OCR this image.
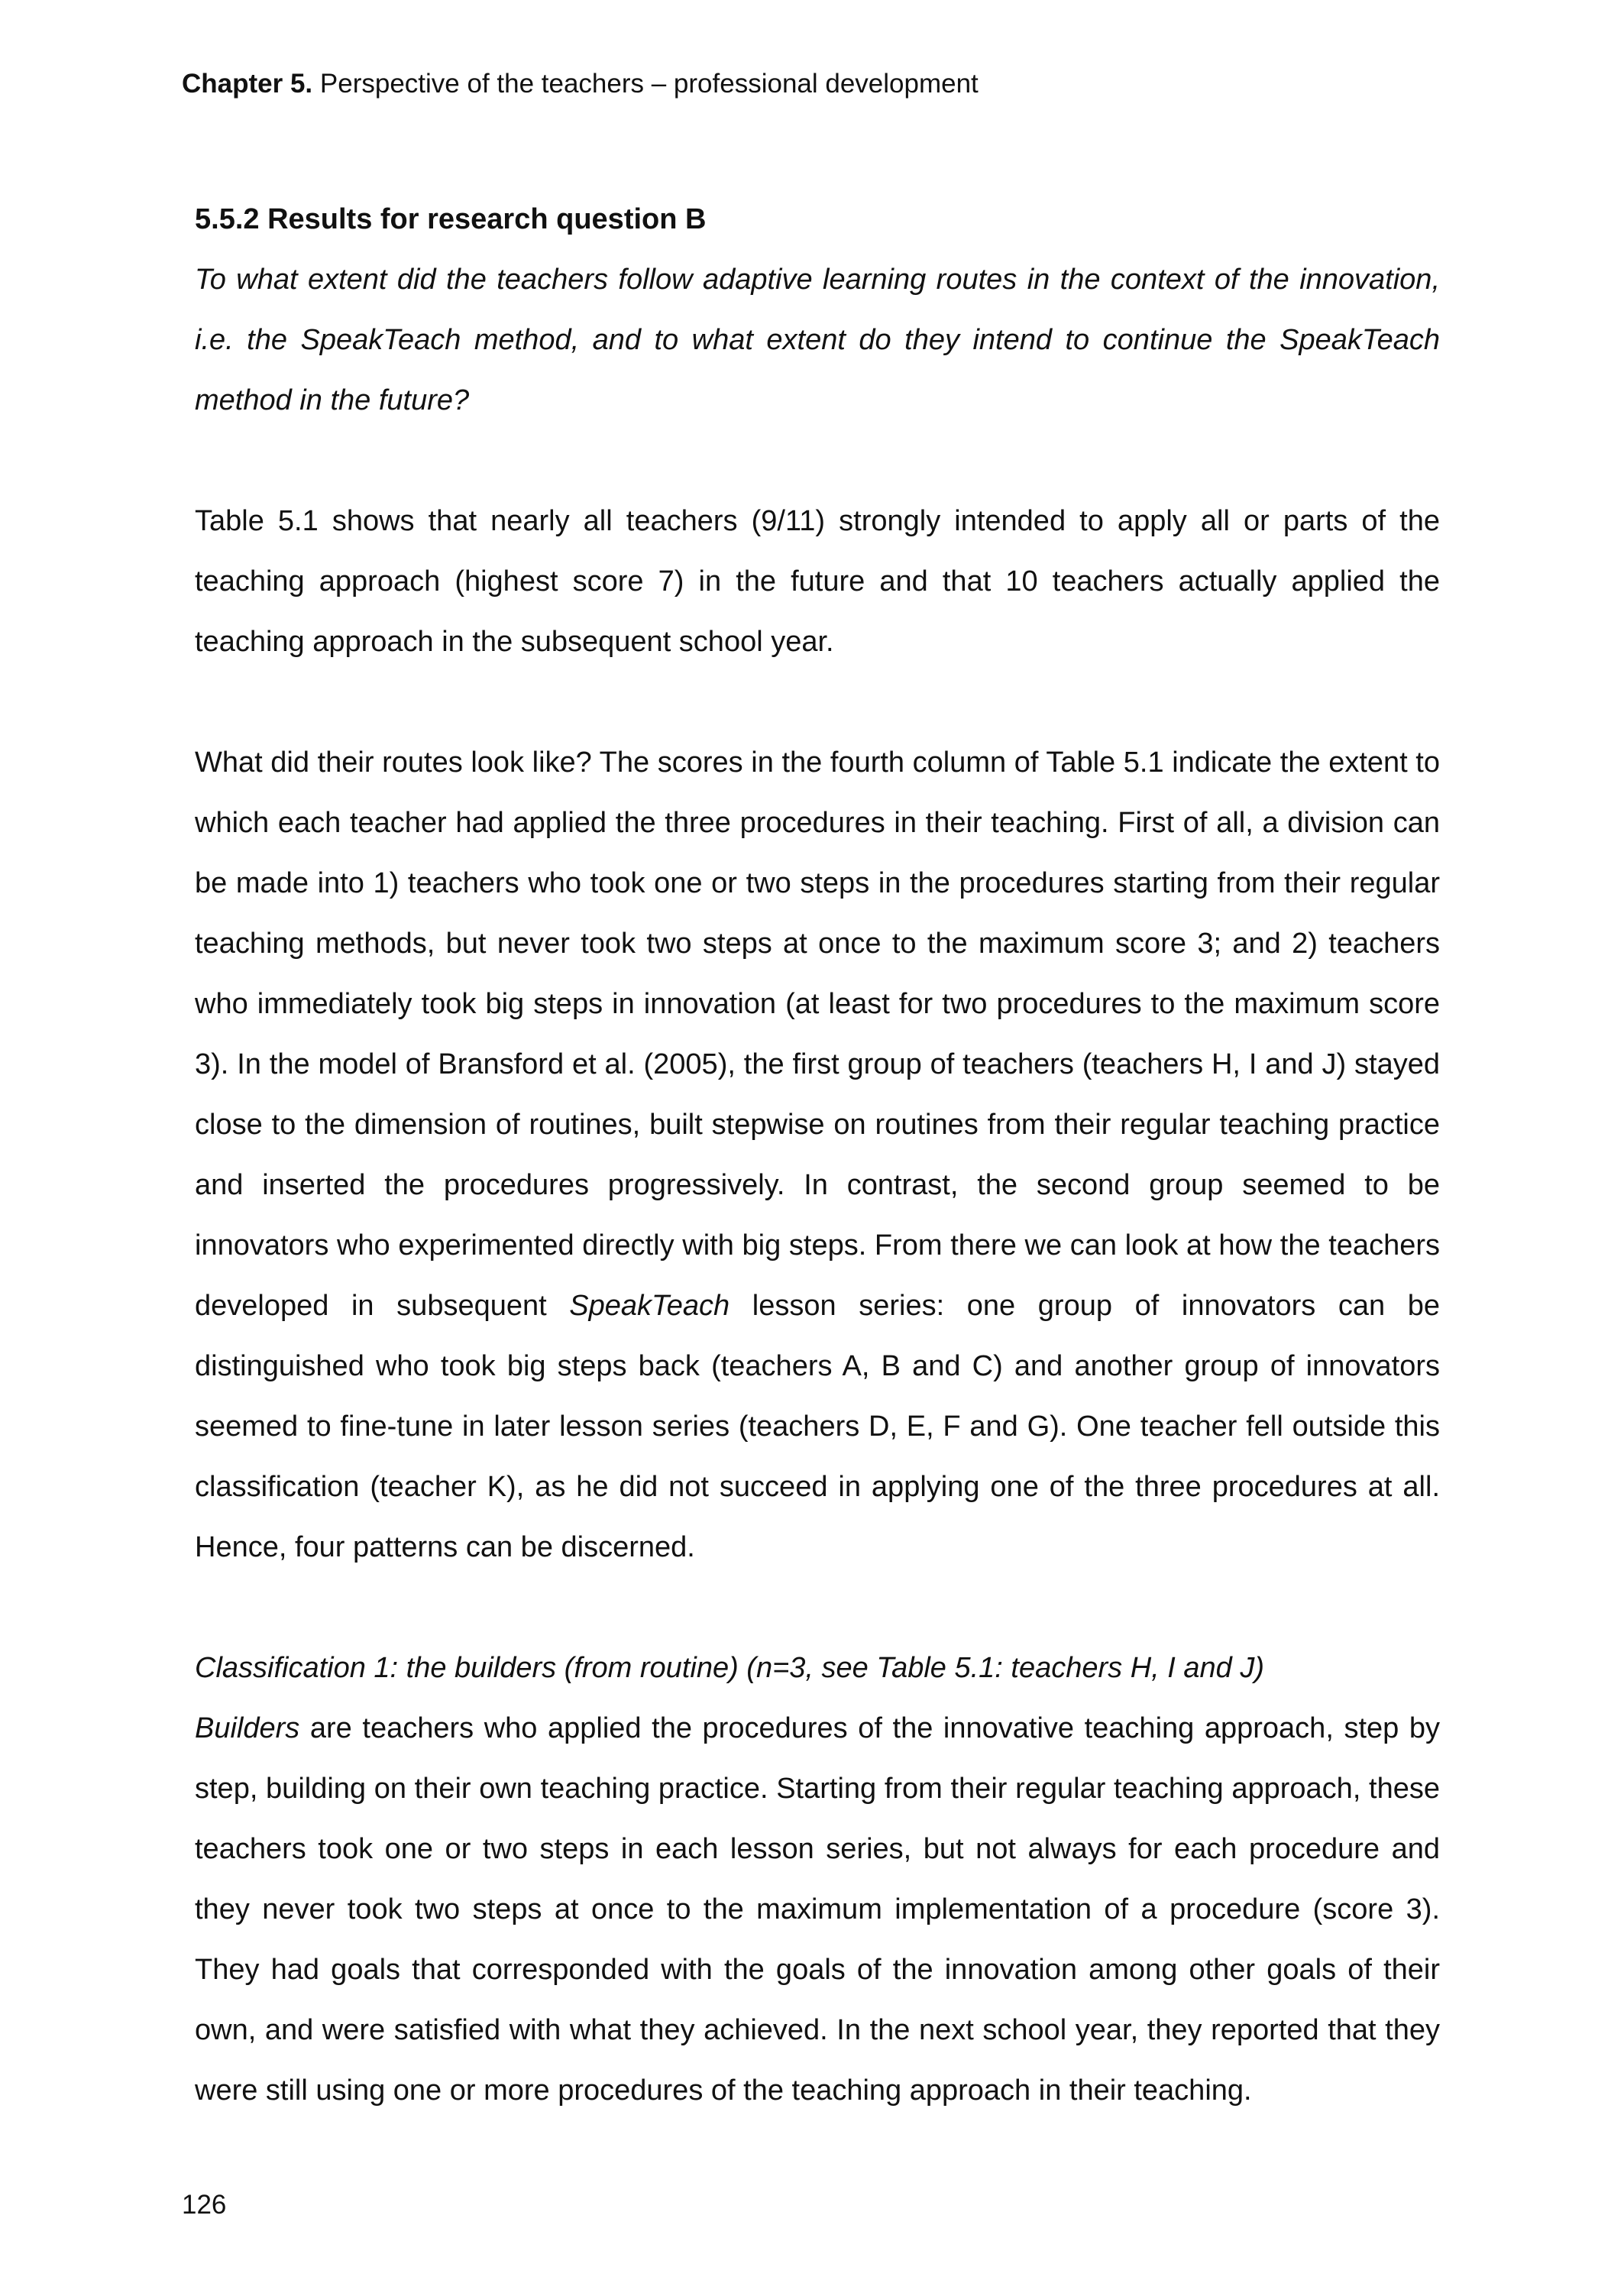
Chapter 5. Perspective of the teachers – professional development

5.5.2 Results for research question B

To what extent did the teachers follow adaptive learning routes in the context of the innovation, i.e. the SpeakTeach method, and to what extent do they intend to continue the SpeakTeach method in the future?

Table 5.1 shows that nearly all teachers (9/11) strongly intended to apply all or parts of the teaching approach (highest score 7) in the future and that 10 teachers actually applied the teaching approach in the subsequent school year.

What did their routes look like? The scores in the fourth column of Table 5.1 indicate the extent to which each teacher had applied the three procedures in their teaching. First of all, a division can be made into 1) teachers who took one or two steps in the procedures starting from their regular teaching methods, but never took two steps at once to the maximum score 3; and 2) teachers who immediately took big steps in innovation (at least for two procedures to the maximum score 3). In the model of Bransford et al. (2005), the first group of teachers (teachers H, I and J) stayed close to the dimension of routines, built stepwise on routines from their regular teaching practice and inserted the procedures progressively. In contrast, the second group seemed to be innovators who experimented directly with big steps. From there we can look at how the teachers developed in subsequent SpeakTeach lesson series: one group of innovators can be distinguished who took big steps back (teachers A, B and C) and another group of innovators seemed to fine-tune in later lesson series (teachers D, E, F and G). One teacher fell outside this classification (teacher K), as he did not succeed in applying one of the three procedures at all. Hence, four patterns can be discerned.

Classification 1: the builders (from routine) (n=3, see Table 5.1: teachers H, I and J)

Builders are teachers who applied the procedures of the innovative teaching approach, step by step, building on their own teaching practice. Starting from their regular teaching approach, these teachers took one or two steps in each lesson series, but not always for each procedure and they never took two steps at once to the maximum implementation of a procedure (score 3). They had goals that corresponded with the goals of the innovation among other goals of their own, and were satisfied with what they achieved. In the next school year, they reported that they were still using one or more procedures of the teaching approach in their teaching.

126
